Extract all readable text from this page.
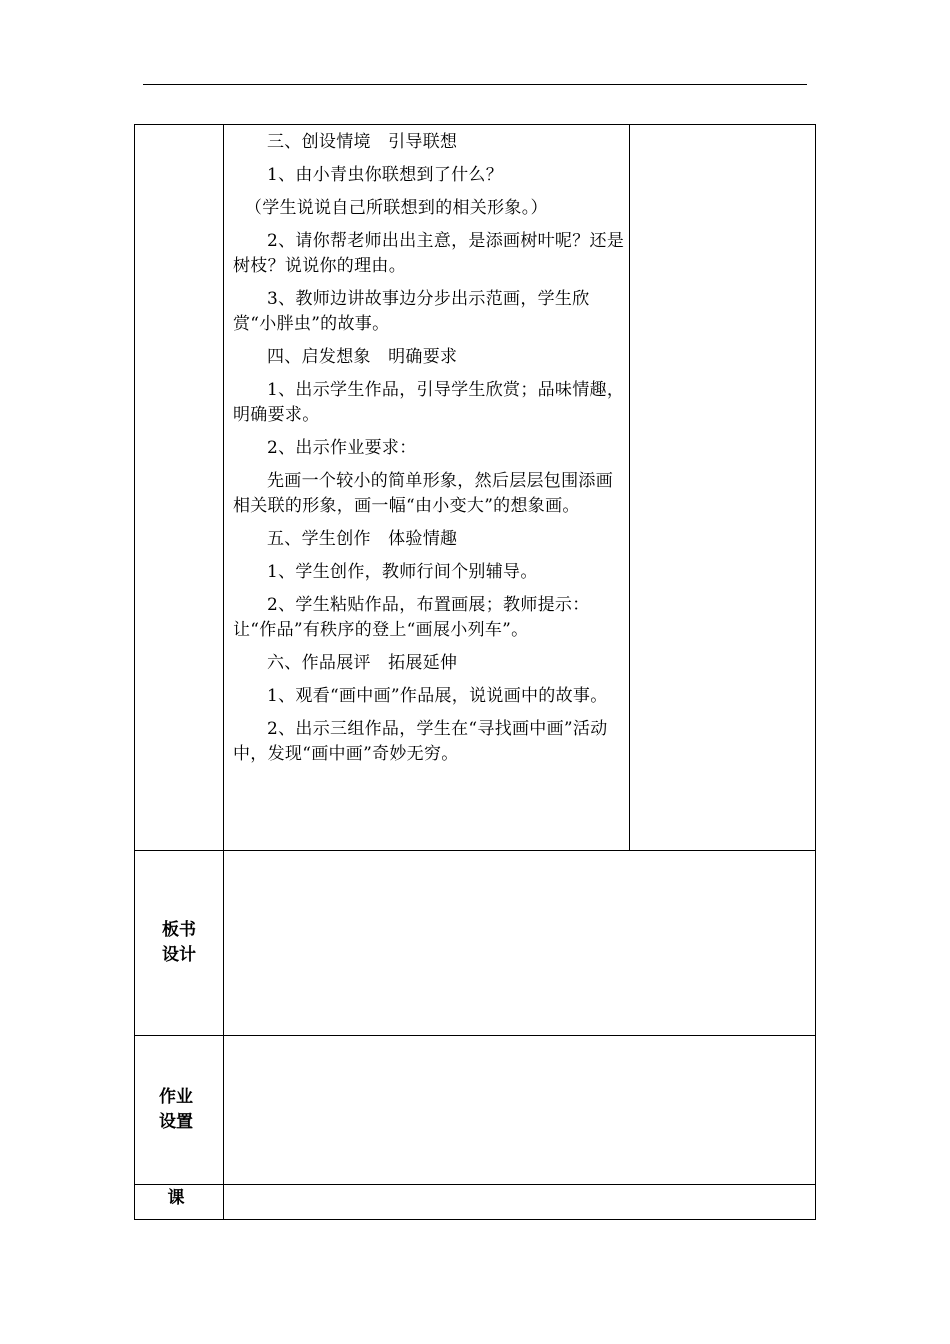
三、创设情境　引导联想

1、由小青虫你联想到了什么？

（学生说说自己所联想到的相关形象。）

2、请你帮老师出出主意，是添画树叶呢？还是树枝？说说你的理由。

3、教师边讲故事边分步出示范画，学生欣赏“小胖虫”的故事。

四、启发想象　明确要求

1、出示学生作品，引导学生欣赏；品味情趣，明确要求。

2、出示作业要求：

先画一个较小的简单形象，然后层层包围添画相关联的形象，画一幅“由小变大”的想象画。

五、学生创作　体验情趣

1、学生创作，教师行间个别辅导。

2、学生粘贴作品，布置画展；教师提示：让“作品”有秩序的登上“画展小列车”。

六、作品展评　拓展延伸

1、观看“画中画”作品展，说说画中的故事。

2、出示三组作品，学生在“寻找画中画”活动中，发现“画中画”奇妙无穷。

板书
设计
作业
设置
课
